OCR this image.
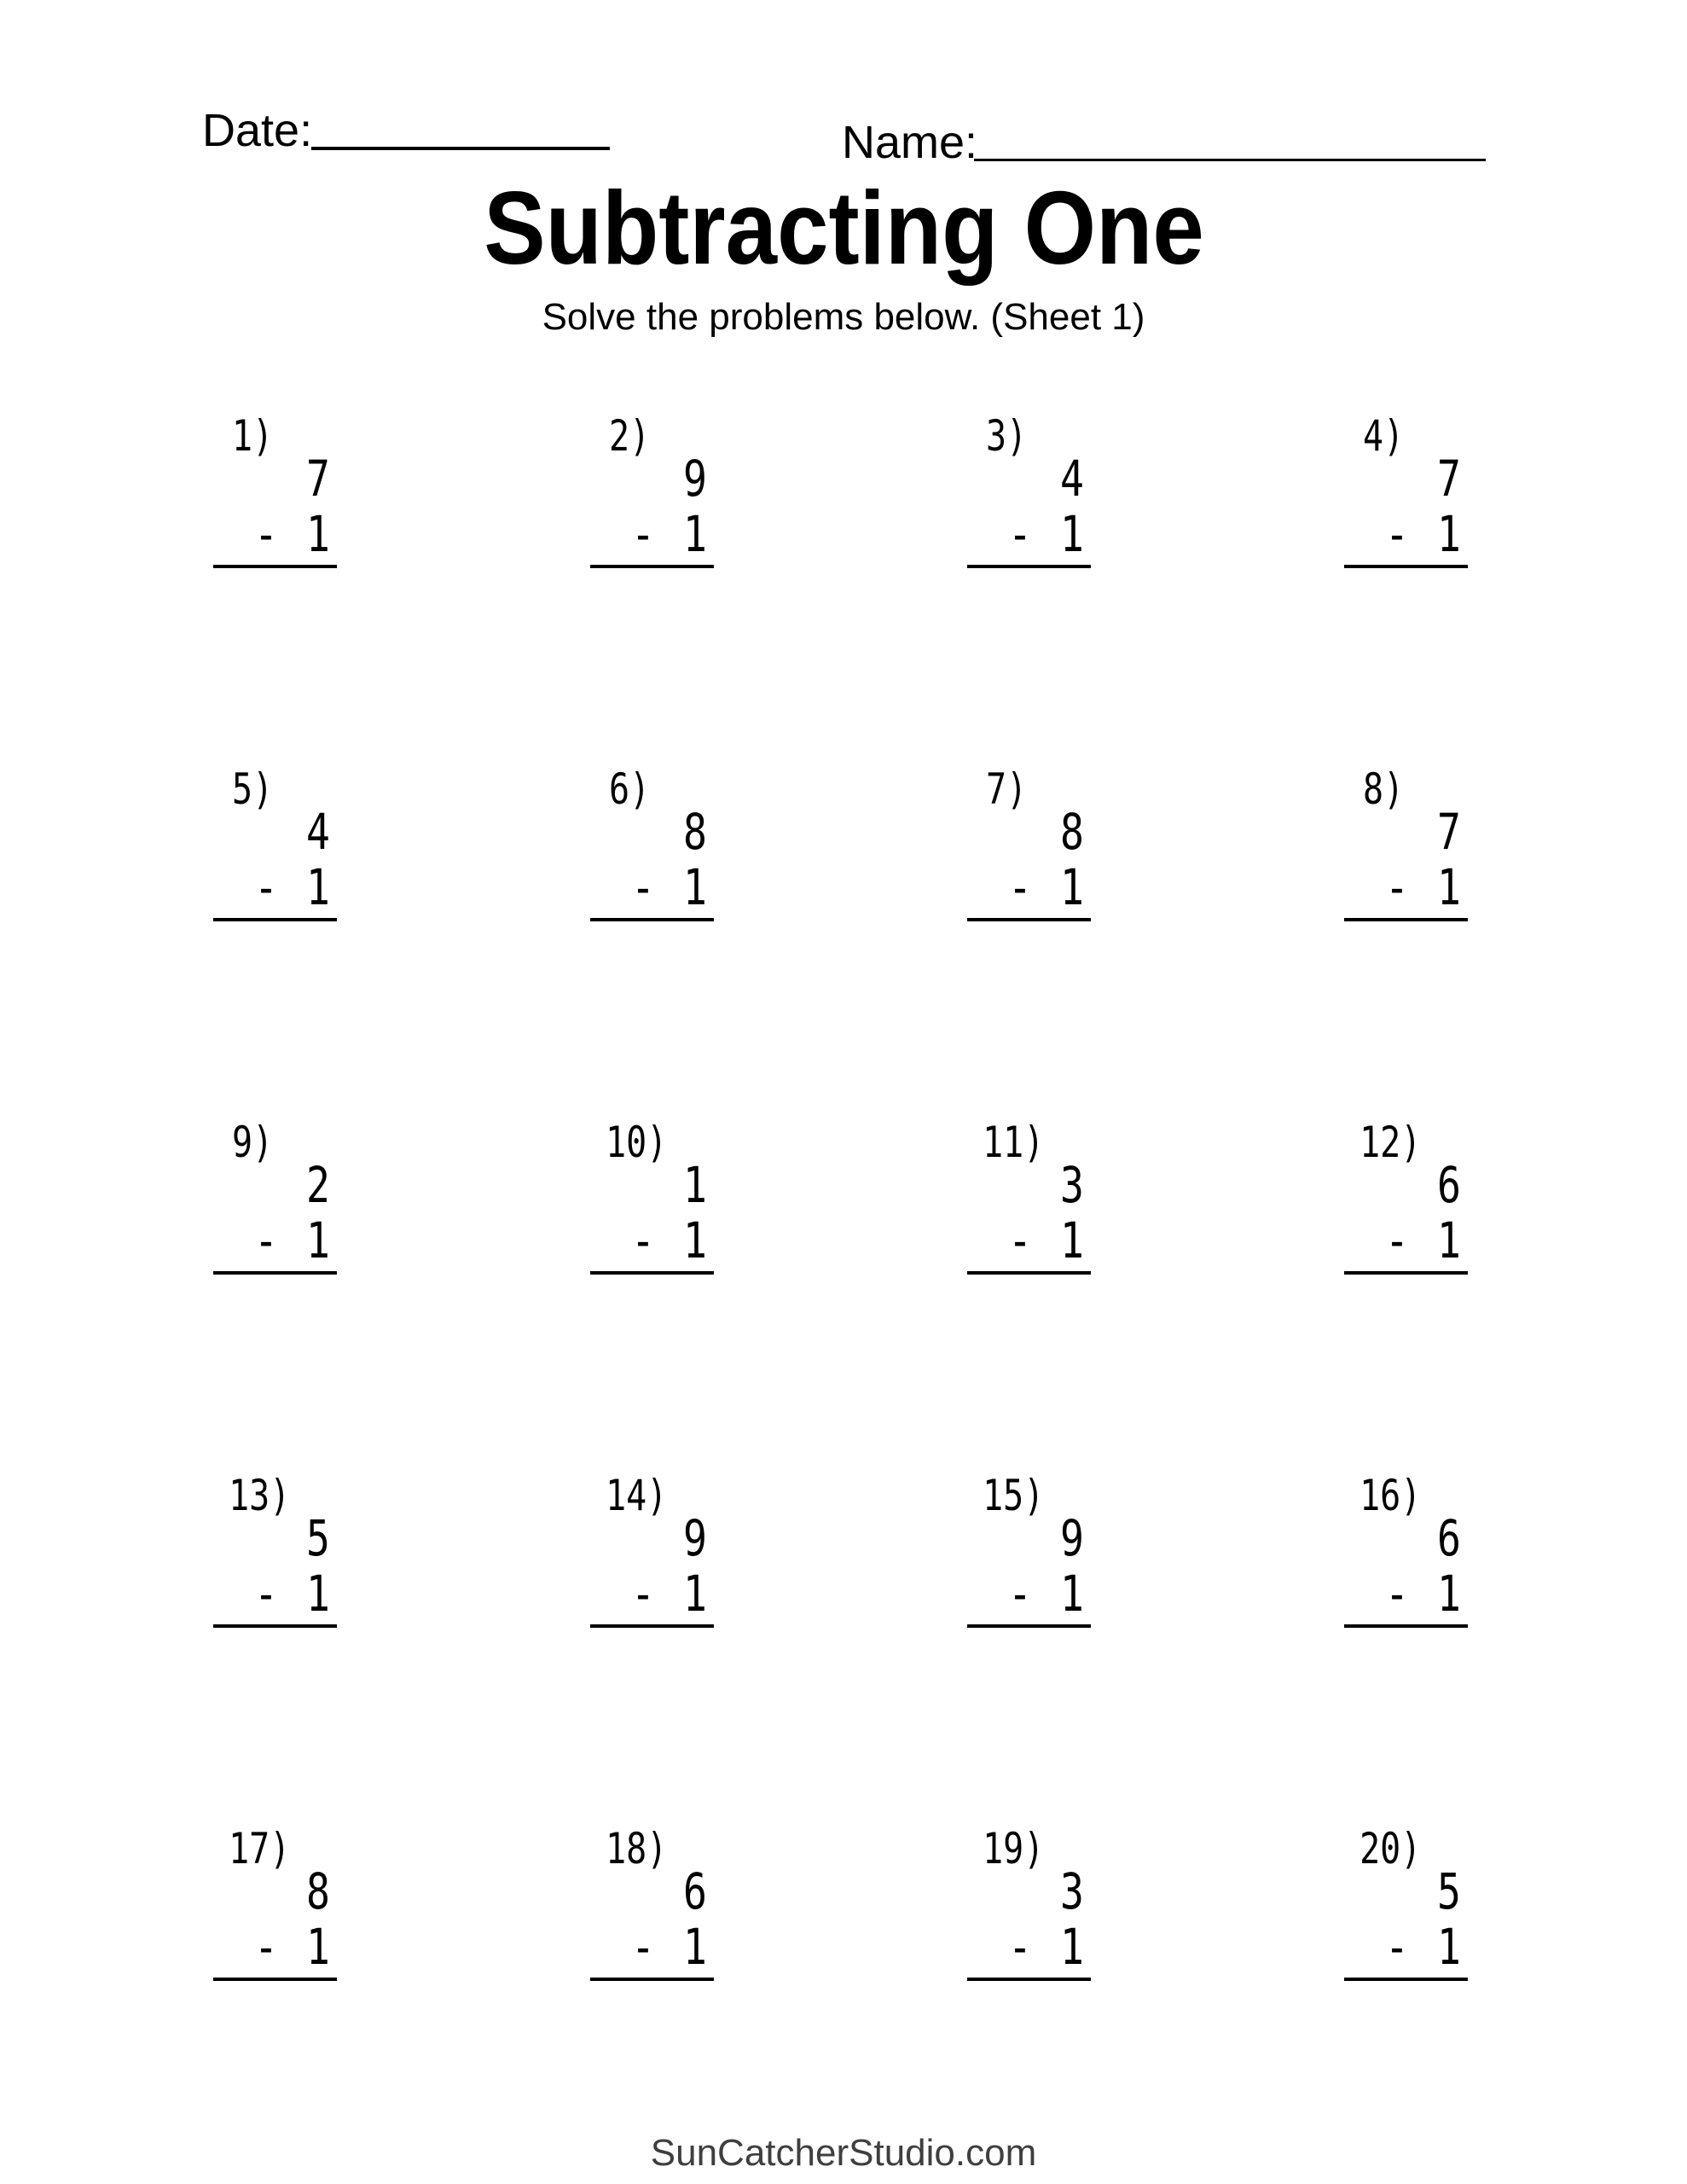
Date:	Name:
Subtracting One

Solve the problems below. (Sheet 1)

1)
7
- 1
2)
9
- 1
3)
4
- 1
4)
7
- 1
5)
4
- 1
6)
8
- 1
7)
8
- 1
8)
7
- 1
9)
2
- 1
10)
1
- 1
11)
3
- 1
12)
6
- 1
13)
5
- 1
14)
9
- 1
15)
9
- 1
16)
6
- 1
17)
8
- 1
18)
6
- 1
19)
3
- 1
20)
5
- 1
SunCatcherStudio.com
